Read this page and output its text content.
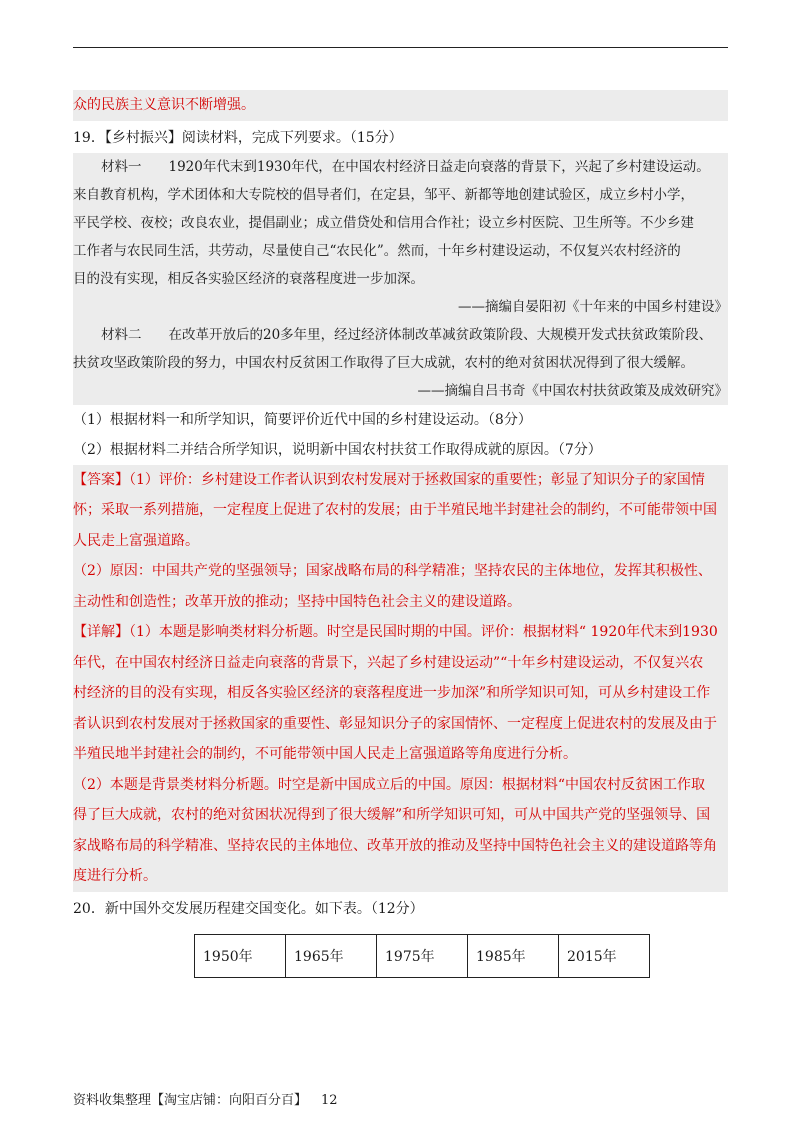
众的民族主义意识不断增强。
19．【乡村振兴】阅读材料，完成下列要求。（15分）
材料一　　1920年代末到1930年代，在中国农村经济日益走向衰落的背景下，兴起了乡村建设运动。
来自教育机构，学术团体和大专院校的倡导者们，在定县，邹平、新都等地创建试验区，成立乡村小学，
平民学校、夜校；改良农业，提倡副业；成立借贷处和信用合作社；设立乡村医院、卫生所等。不少乡建
工作者与农民同生活，共劳动，尽量使自己“农民化”。然而，十年乡村建设运动，不仅复兴农村经济的
目的没有实现，相反各实验区经济的衰落程度进一步加深。
——摘编自晏阳初《十年来的中国乡村建设》
材料二　　在改革开放后的20多年里，经过经济体制改革减贫政策阶段、大规模开发式扶贫政策阶段、
扶贫攻坚政策阶段的努力，中国农村反贫困工作取得了巨大成就，农村的绝对贫困状况得到了很大缓解。
——摘编自吕书奇《中国农村扶贫政策及成效研究》
（1）根据材料一和所学知识，简要评价近代中国的乡村建设运动。（8分）
（2）根据材料二并结合所学知识，说明新中国农村扶贫工作取得成就的原因。（7分）
【答案】（1）评价：乡村建设工作者认识到农村发展对于拯救国家的重要性；彰显了知识分子的家国情
怀；采取一系列措施，一定程度上促进了农村的发展；由于半殖民地半封建社会的制约，不可能带领中国
人民走上富强道路。
（2）原因：中国共产党的坚强领导；国家战略布局的科学精准；坚持农民的主体地位，发挥其积极性、
主动性和创造性；改革开放的推动；坚持中国特色社会主义的建设道路。
【详解】（1）本题是影响类材料分析题。时空是民国时期的中国。评价：根据材料“ 1920年代末到1930
年代，在中国农村经济日益走向衰落的背景下，兴起了乡村建设运动”“十年乡村建设运动，不仅复兴农
村经济的目的没有实现，相反各实验区经济的衰落程度进一步加深”和所学知识可知，可从乡村建设工作
者认识到农村发展对于拯救国家的重要性、彰显知识分子的家国情怀、一定程度上促进农村的发展及由于
半殖民地半封建社会的制约，不可能带领中国人民走上富强道路等角度进行分析。
（2）本题是背景类材料分析题。时空是新中国成立后的中国。原因：根据材料“中国农村反贫困工作取
得了巨大成就，农村的绝对贫困状况得到了很大缓解”和所学知识可知，可从中国共产党的坚强领导、国
家战略布局的科学精准、坚持农民的主体地位、改革开放的推动及坚持中国特色社会主义的建设道路等角
度进行分析。
20．新中国外交发展历程建交国变化。如下表。（12分）
1950年	1965年	1975年	1985年	2015年
资料收集整理【淘宝店铺：向阳百分百】 12
